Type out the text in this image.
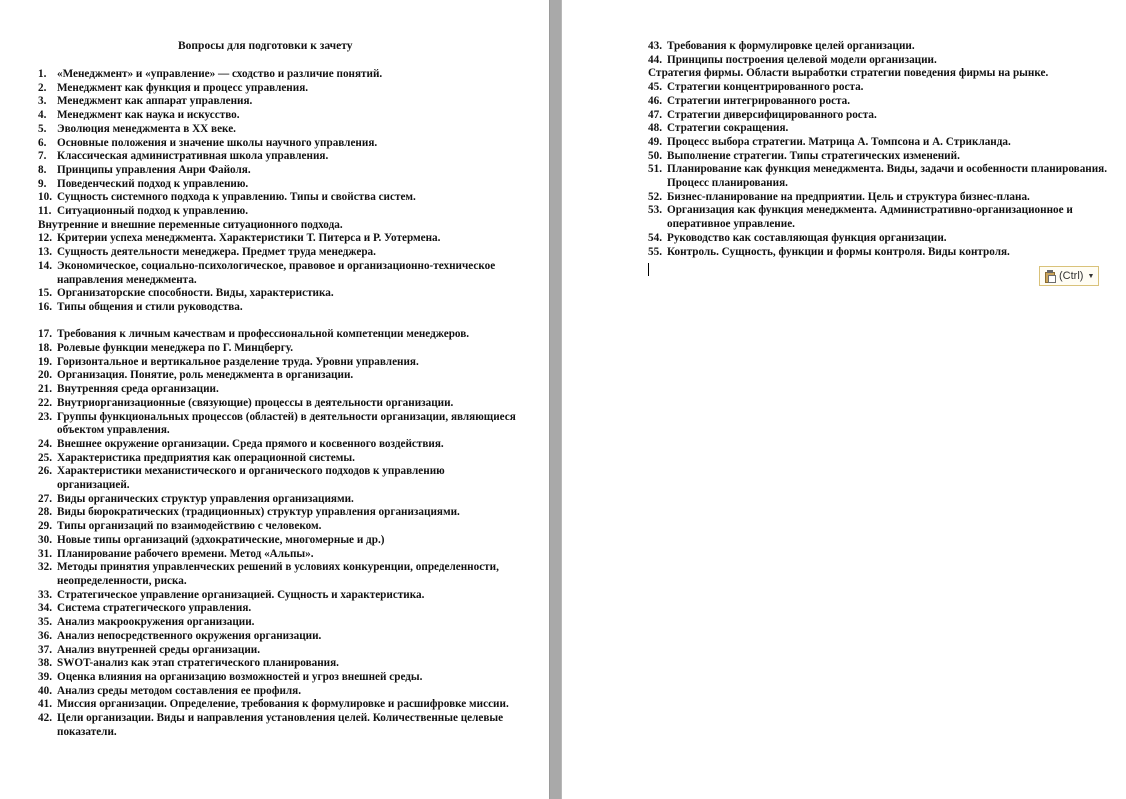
Вопросы для подготовки к зачету
1. «Менеджмент» и «управление» — сходство и различие понятий.
2. Менеджмент как функция и процесс управления.
3. Менеджмент как аппарат управления.
4. Менеджмент как наука и искусство.
5. Эволюция менеджмента в ХХ веке.
6. Основные положения и значение школы научного управления.
7. Классическая административная школа управления.
8. Принципы управления Анри Файоля.
9. Поведенческий подход к управлению.
10. Сущность системного подхода к управлению. Типы и свойства систем.
11. Ситуационный подход к управлению.
Внутренние и внешние переменные ситуационного подхода.
12. Критерии успеха менеджмента. Характеристики Т. Питерса и Р. Уотермена.
13. Сущность деятельности менеджера. Предмет труда менеджера.
14. Экономическое, социально-психологическое, правовое и организационно-техническое направления менеджмента.
15. Организаторские способности. Виды, характеристика.
16. Типы общения и стили руководства.
17. Требования к личным качествам и профессиональной компетенции менеджеров.
18. Ролевые функции менеджера по Г. Минцбергу.
19. Горизонтальное и вертикальное разделение труда. Уровни управления.
20. Организация. Понятие, роль менеджмента в организации.
21. Внутренняя среда организации.
22. Внутриорганизационные (связующие) процессы в деятельности организации.
23. Группы функциональных процессов (областей) в деятельности организации, являющиеся объектом управления.
24. Внешнее окружение организации. Среда прямого и косвенного воздействия.
25. Характеристика предприятия как операционной системы.
26. Характеристики механистического и органического подходов к управлению организацией.
27. Виды органических структур управления организациями.
28. Виды бюрократических (традиционных) структур управления организациями.
29. Типы организаций по взаимодействию с человеком.
30. Новые типы организаций (эдхократические, многомерные и др.)
31. Планирование рабочего времени. Метод «Альпы».
32. Методы принятия управленческих решений в условиях конкуренции, определенности, неопределенности, риска.
33. Стратегическое управление организацией. Сущность и характеристика.
34. Система стратегического управления.
35. Анализ макроокружения организации.
36. Анализ непосредственного окружения организации.
37. Анализ внутренней среды организации.
38. SWOT-анализ как этап стратегического планирования.
39. Оценка влияния на организацию возможностей и угроз внешней среды.
40. Анализ среды методом составления ее профиля.
41. Миссия организации. Определение, требования к формулировке и расшифровке миссии.
42. Цели организации. Виды и направления установления целей. Количественные целевые показатели.
43. Требования к формулировке целей организации.
44. Принципы построения целевой модели организации.
Стратегия фирмы. Области выработки стратегии поведения фирмы на рынке.
45. Стратегии концентрированного роста.
46. Стратегии интегрированного роста.
47. Стратегии диверсифицированного роста.
48. Стратегии сокращения.
49. Процесс выбора стратегии. Матрица А. Томпсона и А. Стрикланда.
50. Выполнение стратегии. Типы стратегических изменений.
51. Планирование как функция менеджмента. Виды, задачи и особенности планирования. Процесс планирования.
52. Бизнес-планирование на предприятии. Цель и структура бизнес-плана.
53. Организация как функция менеджмента. Административно-организационное и оперативное управление.
54. Руководство как составляющая функция организации.
55. Контроль. Сущность, функции и формы контроля. Виды контроля.
(Ctrl) ▼
